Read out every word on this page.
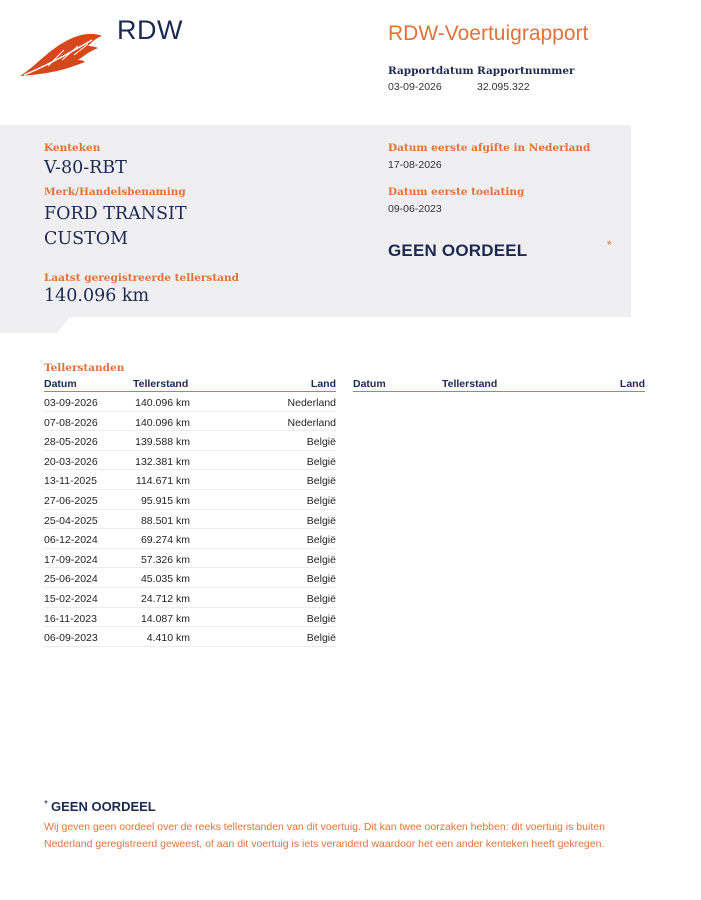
RDW	RDW-Voertuigrapport
Rapportdatum Rapportnummer
03-09-2026	32.095.322
Kenteken
V-80-RBT
Merk/Handelsbenaming
FORD TRANSIT
CUSTOM
Laatst geregistreerde tellerstand
140.096 km
Datum eerste afgifte in Nederland
17-08-2026
Datum eerste toelating
09-06-2023
GEEN OORDEEL	*
Tellerstanden
Datum	Tellerstand	Land
03-09-2026	140.096 km	Nederland
07-08-2026	140.096 km	Nederland
28-05-2026	139.588 km	België
20-03-2026	132.381 km	België
13-11-2025	114.671 km	België
27-06-2025	95.915 km	België
25-04-2025	88.501 km	België
06-12-2024	69.274 km	België
17-09-2024	57.326 km	België
25-06-2024	45.035 km	België
15-02-2024	24.712 km	België
16-11-2023	14.087 km	België
06-09-2023	4.410 km	België
Datum	Tellerstand	Land
* GEEN OORDEEL
Wij geven geen oordeel over de reeks tellerstanden van dit voertuig. Dit kan twee oorzaken hebben: dit voertuig is buiten Nederland geregistreerd geweest, of aan dit voertuig is iets veranderd waardoor het een ander kenteken heeft gekregen.
